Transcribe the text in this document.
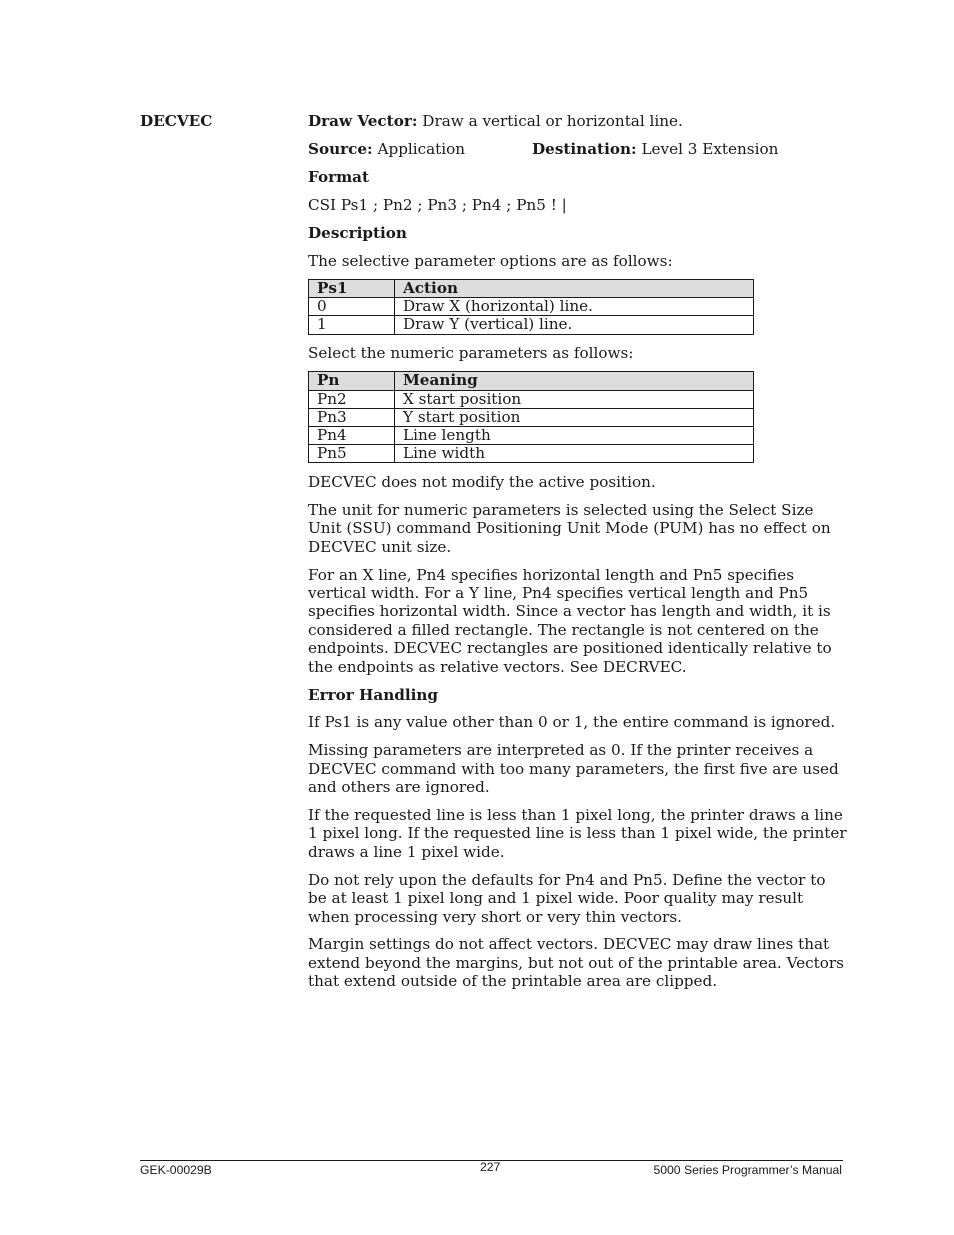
DECVEC	Draw Vector: Draw a vertical or horizontal line.

Source: Application	Destination: Level 3 Extension

Format

CSI Ps1 ; Pn2 ; Pn3 ; Pn4 ; Pn5 ! |

Description

The selective parameter options are as follows:

Ps1	Action
0	Draw X (horizontal) line.
1	Draw Y (vertical) line.

Select the numeric parameters as follows:

Pn	Meaning
Pn2	X start position
Pn3	Y start position
Pn4	Line length
Pn5	Line width

DECVEC does not modify the active position.

The unit for numeric parameters is selected using the Select Size
Unit (SSU) command Positioning Unit Mode (PUM) has no effect on
DECVEC unit size.

For an X line, Pn4 specifies horizontal length and Pn5 specifies
vertical width. For a Y line, Pn4 specifies vertical length and Pn5
specifies horizontal width. Since a vector has length and width, it is
considered a filled rectangle. The rectangle is not centered on the
endpoints. DECVEC rectangles are positioned identically relative to
the endpoints as relative vectors. See DECRVEC.

Error Handling

If Ps1 is any value other than 0 or 1, the entire command is ignored.

Missing parameters are interpreted as 0. If the printer receives a
DECVEC command with too many parameters, the first five are used
and others are ignored.

If the requested line is less than 1 pixel long, the printer draws a line
1 pixel long. If the requested line is less than 1 pixel wide, the printer
draws a line 1 pixel wide.

Do not rely upon the defaults for Pn4 and Pn5. Define the vector to
be at least 1 pixel long and 1 pixel wide. Poor quality may result
when processing very short or very thin vectors.

Margin settings do not affect vectors. DECVEC may draw lines that
extend beyond the margins, but not out of the printable area. Vectors
that extend outside of the printable area are clipped.

GEK-00029B	227	5000 Series Programmer’s Manual
